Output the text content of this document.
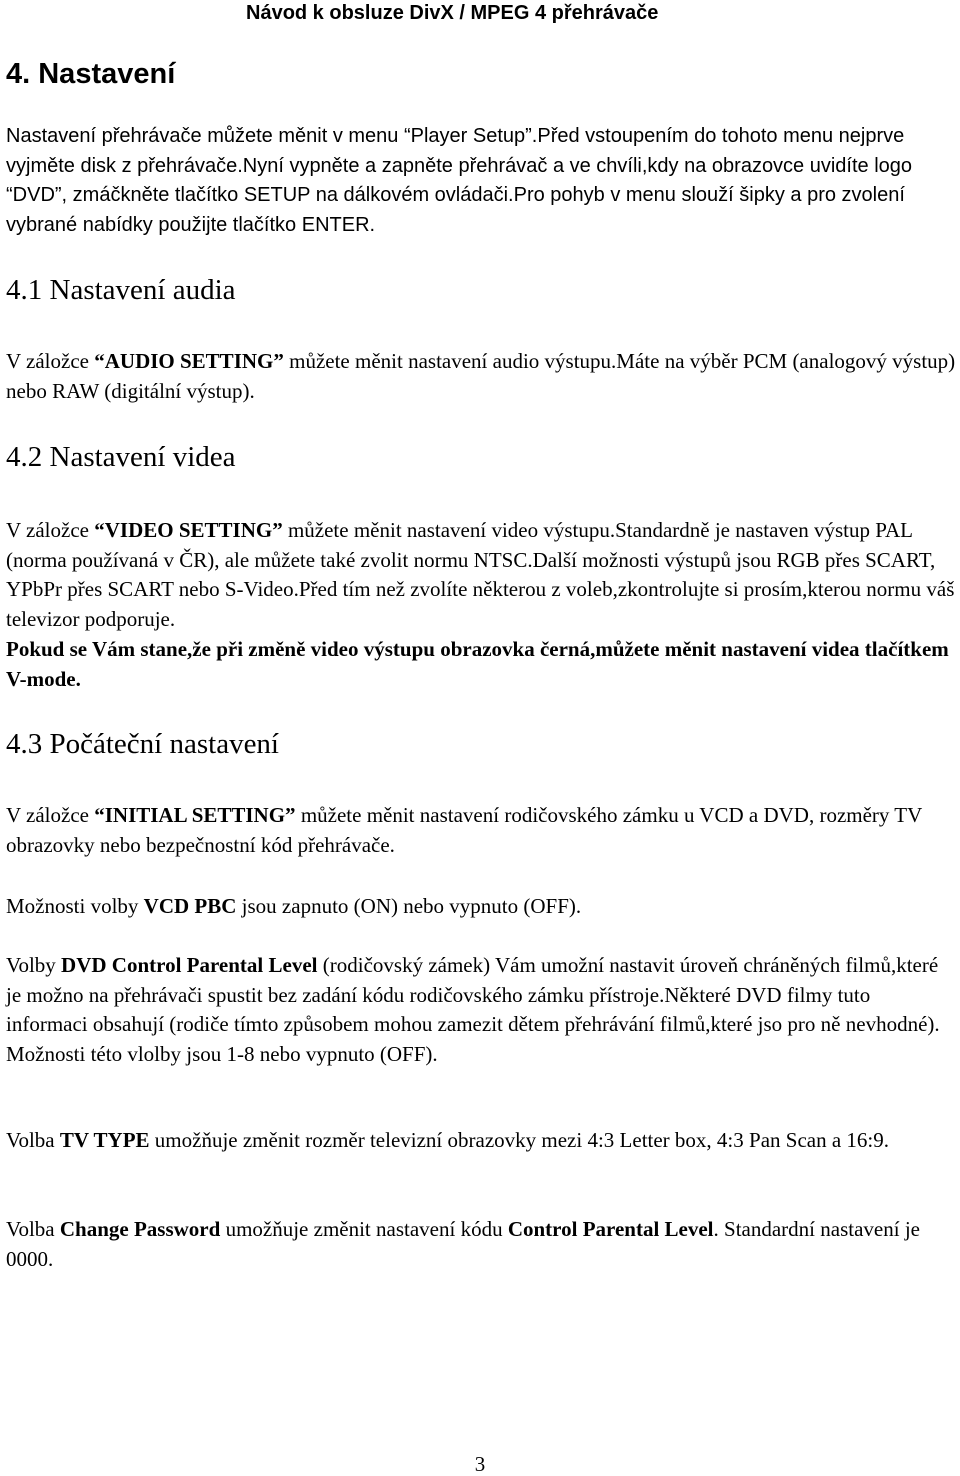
Návod k obsluze DivX / MPEG 4 přehrávače
4. Nastavení
Nastavení přehrávače můžete měnit v menu “Player Setup”.Před vstoupením do tohoto menu nejprve vyjměte disk z přehrávače.Nyní vypněte a zapněte přehrávač a ve chvíli,kdy na obrazovce uvidíte logo “DVD”, zmáčkněte tlačítko SETUP na dálkovém ovládači.Pro pohyb v menu slouží šipky a pro zvolení vybrané nabídky použijte tlačítko ENTER.
4.1 Nastavení audia
V záložce “AUDIO SETTING” můžete měnit nastavení audio výstupu.Máte na výběr PCM (analogový výstup) nebo RAW (digitální výstup).
4.2 Nastavení videa
V záložce “VIDEO SETTING” můžete měnit nastavení video výstupu.Standardně je nastaven výstup PAL (norma používaná v ČR), ale můžete také zvolit normu NTSC.Další možnosti výstupů jsou RGB přes SCART, YPbPr přes SCART nebo S-Video.Před tím než zvolíte některou z voleb,zkontrolujte si prosím,kterou normu váš televizor podporuje.
Pokud se Vám stane,že při změně video výstupu obrazovka černá,můžete měnit nastavení videa tlačítkem V-mode.
4.3 Počáteční nastavení
V záložce “INITIAL SETTING” můžete měnit nastavení rodičovského zámku u VCD a DVD, rozměry TV obrazovky nebo bezpečnostní kód přehrávače.
Možnosti volby VCD PBC jsou zapnuto (ON) nebo vypnuto (OFF).
Volby DVD Control Parental Level (rodičovský zámek) Vám umožní nastavit úroveň chráněných filmů,které je možno na přehrávači spustit bez zadání kódu rodičovského zámku přístroje.Některé DVD filmy tuto informaci obsahují (rodiče tímto způsobem mohou zamezit dětem přehrávání filmů,které jso pro ně nevhodné). Možnosti této vlolby jsou 1-8 nebo vypnuto (OFF).
Volba TV TYPE umožňuje změnit rozměr televizní obrazovky mezi 4:3 Letter box, 4:3 Pan Scan a 16:9.
Volba Change Password umožňuje změnit nastavení kódu Control Parental Level. Standardní nastavení je 0000.
3
